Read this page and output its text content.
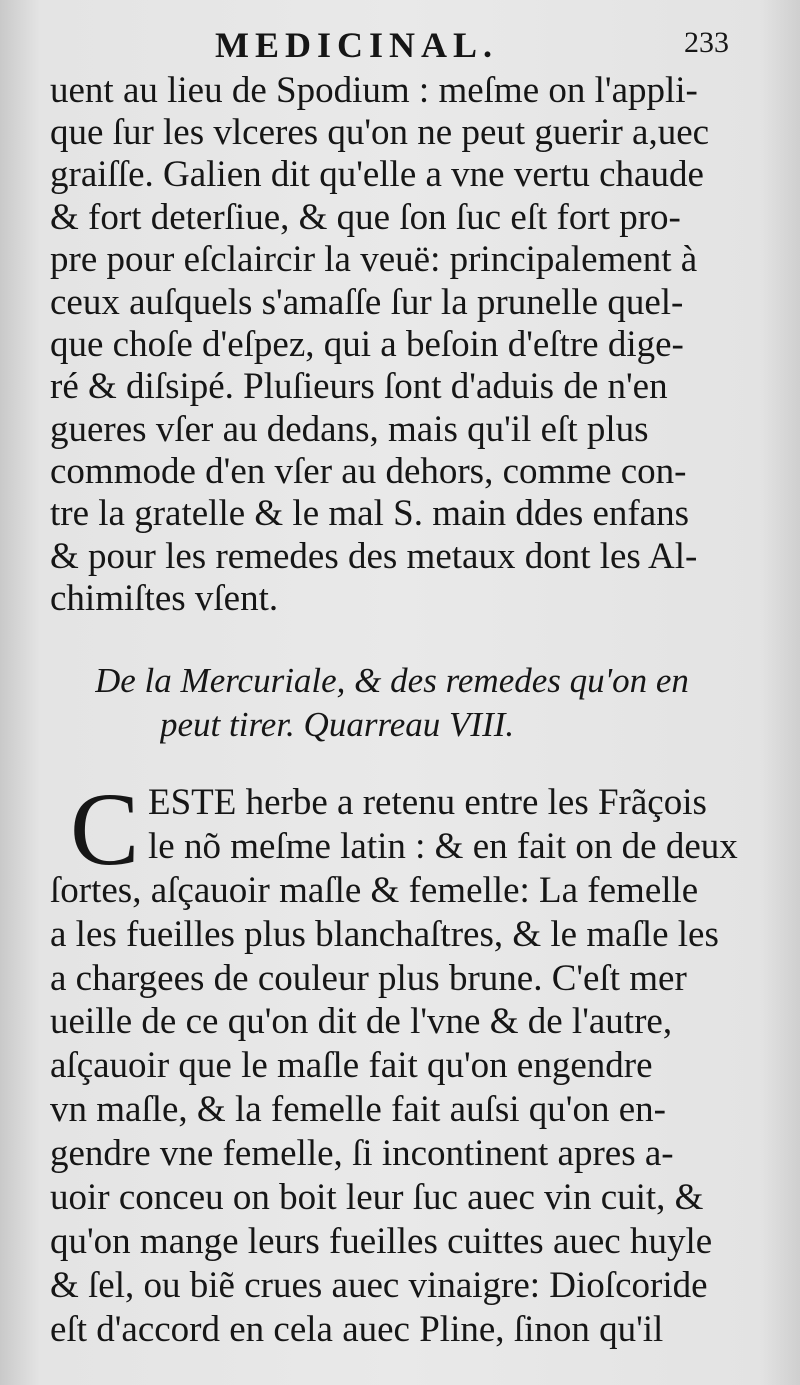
MEDICINAL.	233
uent au lieu de Spodium : meſme on l'appli-
que ſur les vlceres qu'on ne peut guerir a,uec
graiſſe. Galien dit qu'elle a vne vertu chaude
& fort deterſiue, & que ſon ſuc eſt fort pro-
pre pour eſclaircir la veuë: principalement à
ceux auſquels s'amaſſe ſur la prunelle quel-
que choſe d'eſpez, qui a beſoin d'eſtre dige-
ré & diſsipé. Pluſieurs ſont d'aduis de n'en
gueres vſer au dedans, mais qu'il eſt plus
commode d'en vſer au dehors, comme con-
tre la gratelle & le mal S. main ddes enfans
& pour les remedes des metaux dont les Al-
chimiſtes vſent.
De la Mercuriale, & des remedes qu'on en
peut tirer. Quarreau VIII.
C ESTE herbe a retenu entre les Frãçois
le nõ meſme latin : & en fait on de deux
ſortes, aſçauoir maſle & femelle: La femelle
a les fueilles plus blanchaſtres, & le maſle les
a chargees de couleur plus brune. C'eſt mer
ueille de ce qu'on dit de l'vne & de l'autre,
aſçauoir que le maſle fait qu'on engendre
vn maſle, & la femelle fait auſsi qu'on en-
gendre vne femelle, ſi incontinent apres a-
uoir conceu on boit leur ſuc auec vin cuit, &
qu'on mange leurs fueilles cuittes auec huyle
& ſel, ou biẽ crues auec vinaigre: Dioſcoride
eſt d'accord en cela auec Pline, ſinon qu'il
